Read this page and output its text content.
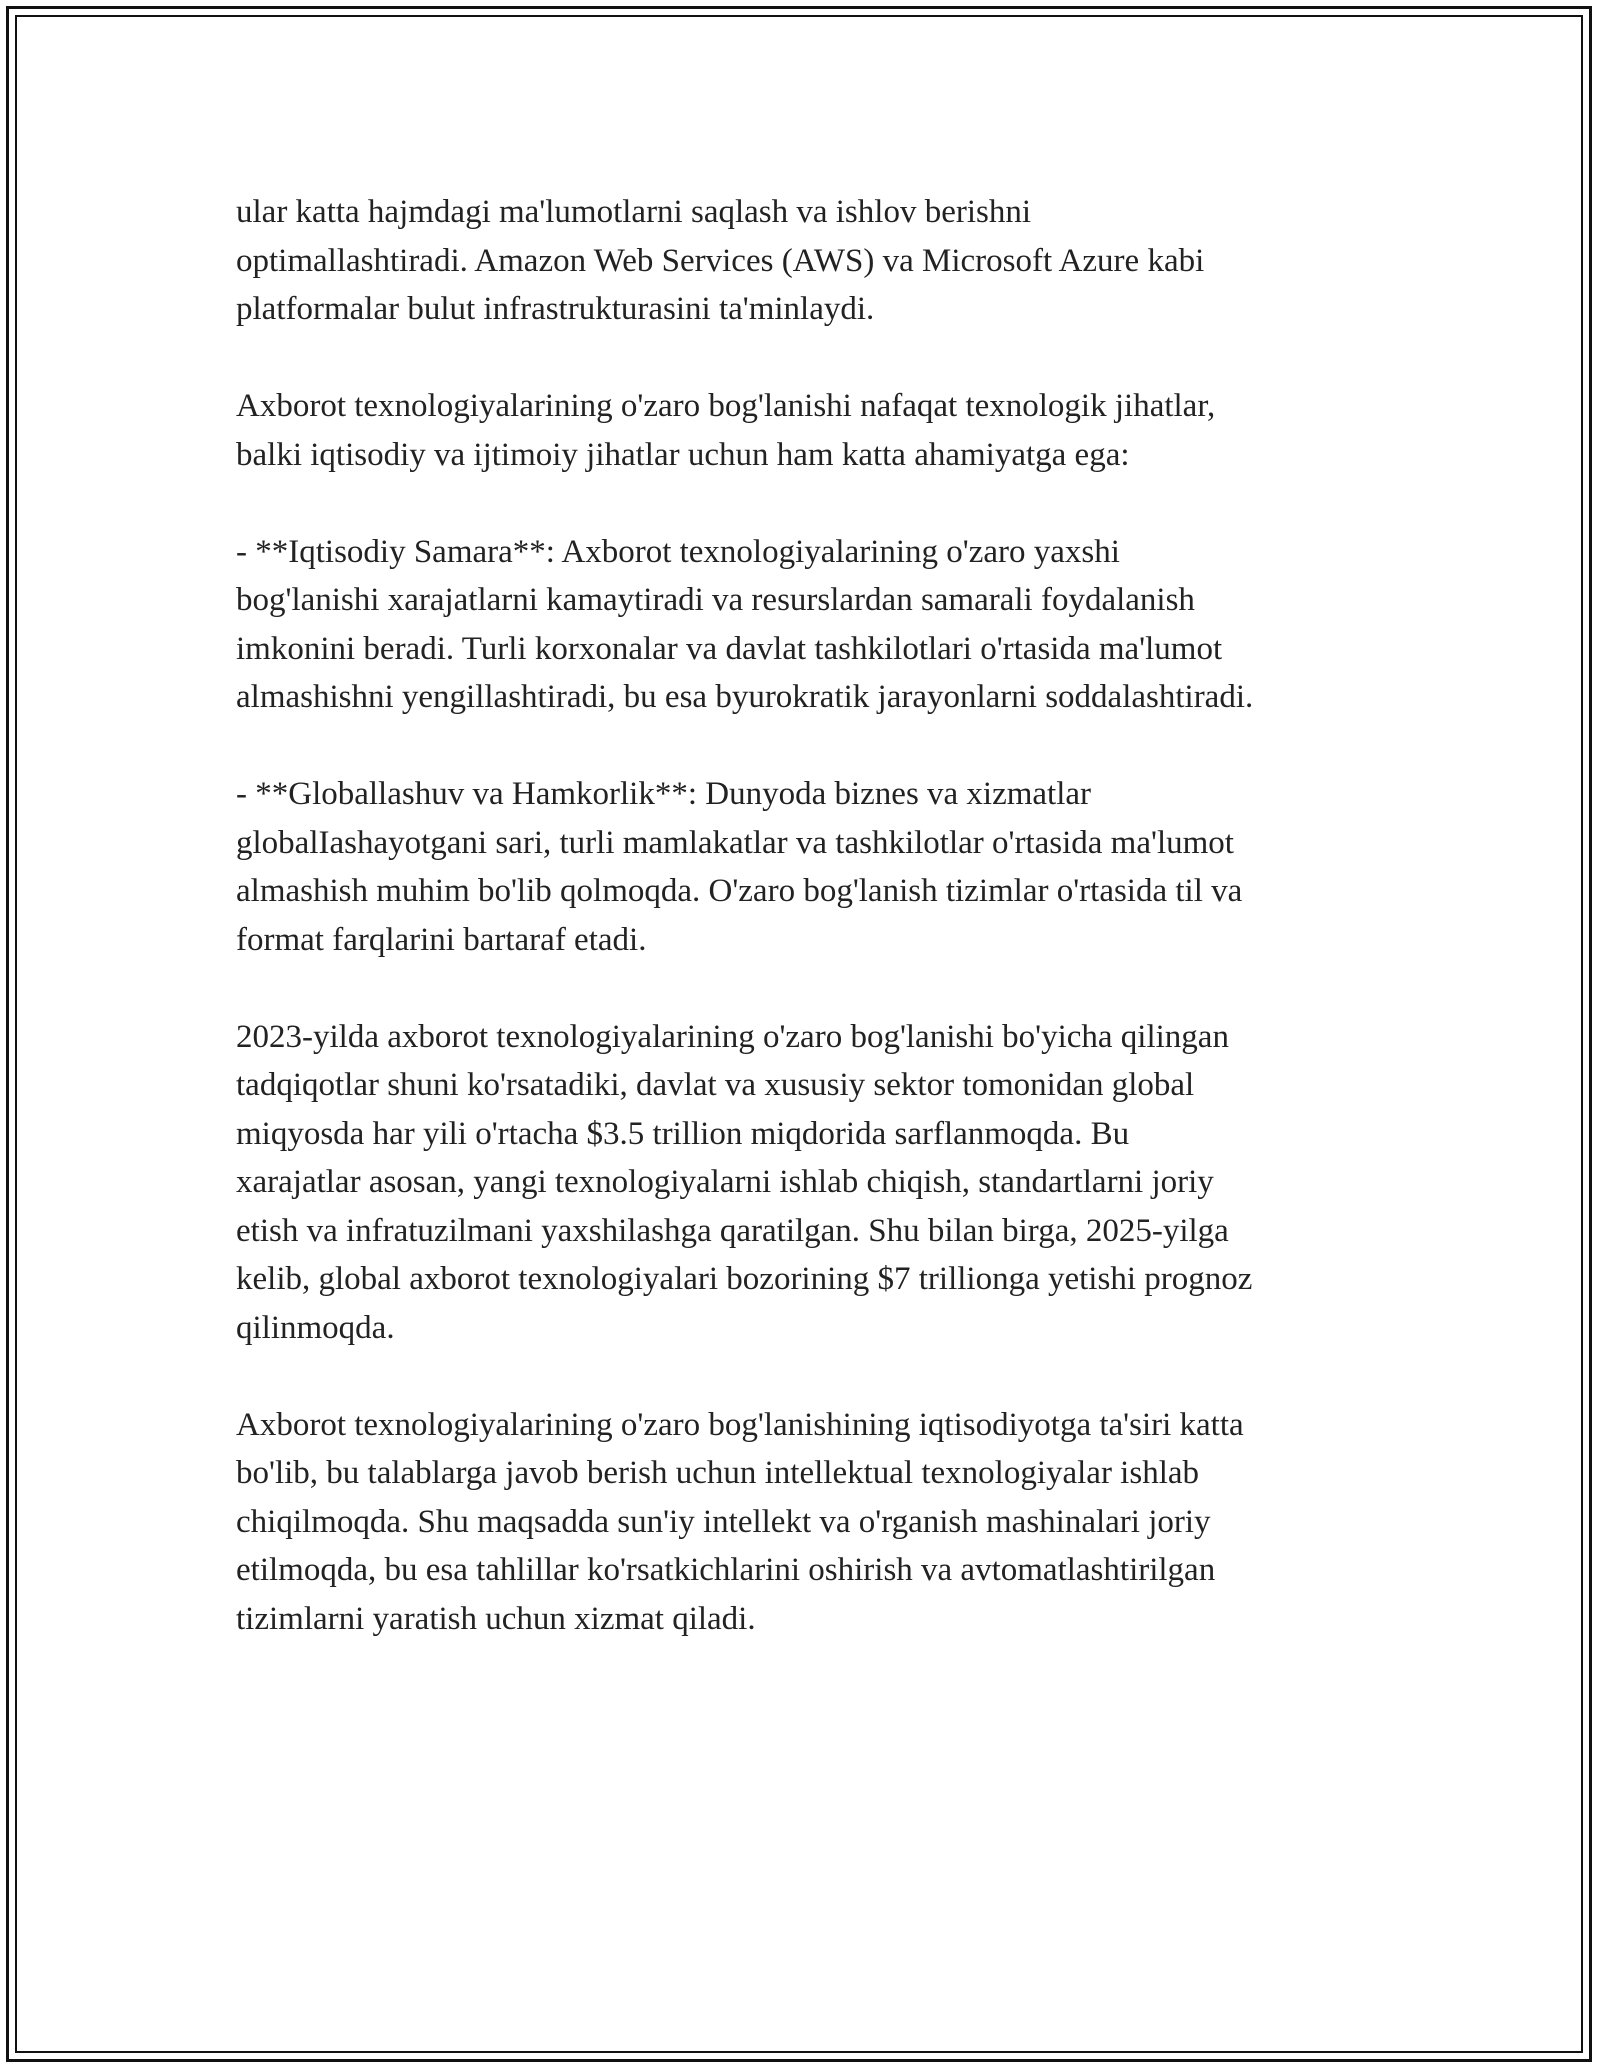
ular katta hajmdagi ma'lumotlarni saqlash va ishlov berishni
optimallashtiradi. Amazon Web Services (AWS) va Microsoft Azure kabi
platformalar bulut infrastrukturasini ta'minlaydi.

Axborot texnologiyalarining o'zaro bog'lanishi nafaqat texnologik jihatlar,
balki iqtisodiy va ijtimoiy jihatlar uchun ham katta ahamiyatga ega:

- **Iqtisodiy Samara**: Axborot texnologiyalarining o'zaro yaxshi
bog'lanishi xarajatlarni kamaytiradi va resurslardan samarali foydalanish
imkonini beradi. Turli korxonalar va davlat tashkilotlari o'rtasida ma'lumot
almashishni yengillashtiradi, bu esa byurokratik jarayonlarni soddalashtiradi.

- **Globallashuv va Hamkorlik**: Dunyoda biznes va xizmatlar
globalIashayotgani sari, turli mamlakatlar va tashkilotlar o'rtasida ma'lumot
almashish muhim bo'lib qolmoqda. O'zaro bog'lanish tizimlar o'rtasida til va
format farqlarini bartaraf etadi.

2023-yilda axborot texnologiyalarining o'zaro bog'lanishi bo'yicha qilingan
tadqiqotlar shuni ko'rsatadiki, davlat va xususiy sektor tomonidan global
miqyosda har yili o'rtacha $3.5 trillion miqdorida sarflanmoqda. Bu
xarajatlar asosan, yangi texnologiyalarni ishlab chiqish, standartlarni joriy
etish va infratuzilmani yaxshilashga qaratilgan. Shu bilan birga, 2025-yilga
kelib, global axborot texnologiyalari bozorining $7 trillionga yetishi prognoz
qilinmoqda.

Axborot texnologiyalarining o'zaro bog'lanishining iqtisodiyotga ta'siri katta
bo'lib, bu talablarga javob berish uchun intellektual texnologiyalar ishlab
chiqilmoqda. Shu maqsadda sun'iy intellekt va o'rganish mashinalari joriy
etilmoqda, bu esa tahlillar ko'rsatkichlarini oshirish va avtomatlashtirilgan
tizimlarni yaratish uchun xizmat qiladi.
